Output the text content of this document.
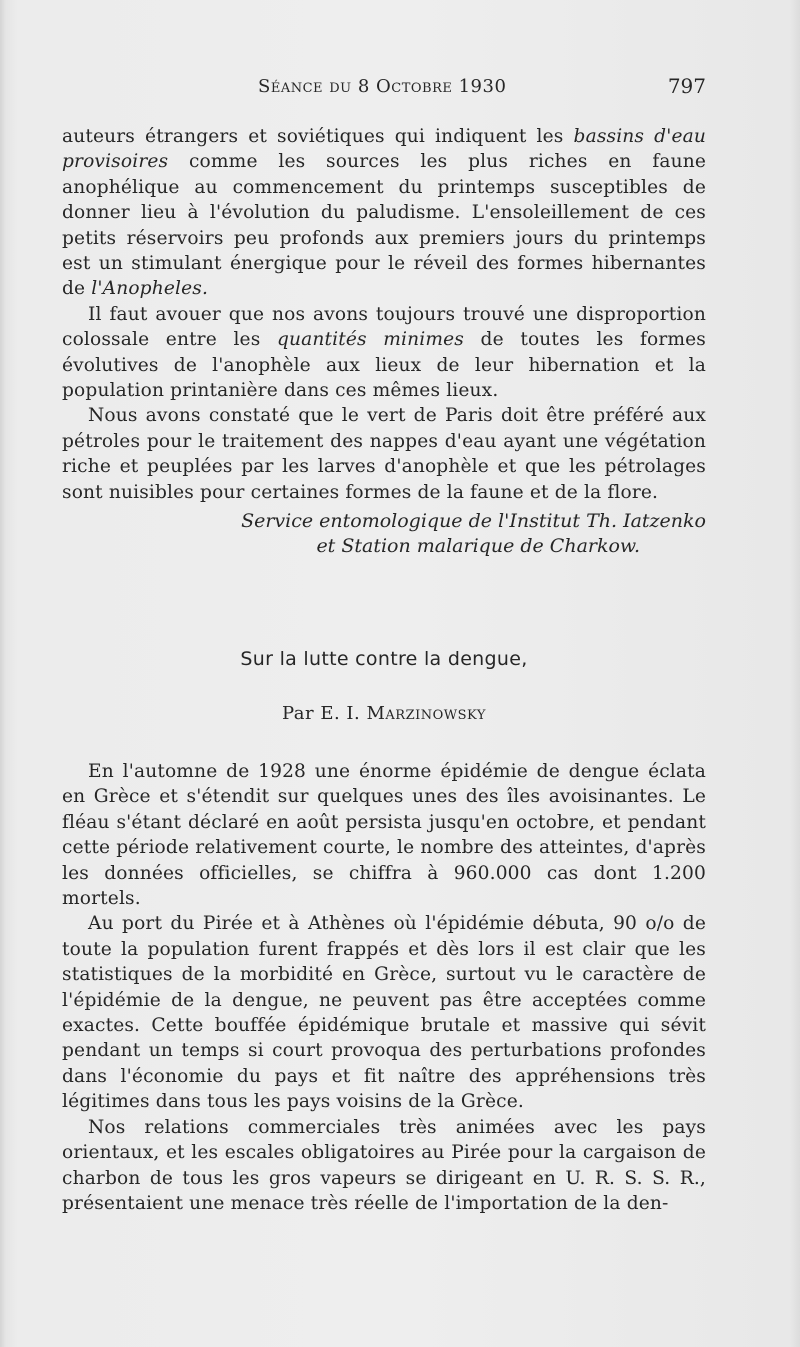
Séance du 8 Octobre 1930	797

auteurs étrangers et soviétiques qui indiquent les bassins d'eau provisoires comme les sources les plus riches en faune anophélique au commencement du printemps susceptibles de donner lieu à l'évolution du paludisme. L'ensoleillement de ces petits réservoirs peu profonds aux premiers jours du printemps est un stimulant énergique pour le réveil des formes hibernantes de l'Anopheles.

Il faut avouer que nos avons toujours trouvé une disproportion colossale entre les quantités minimes de toutes les formes évolutives de l'anophèle aux lieux de leur hibernation et la population printanière dans ces mêmes lieux.

Nous avons constaté que le vert de Paris doit être préféré aux pétroles pour le traitement des nappes d'eau ayant une végétation riche et peuplées par les larves d'anophèle et que les pétrolages sont nuisibles pour certaines formes de la faune et de la flore.

Service entomologique de l'Institut Th. Iatzenko
et Station malarique de Charkow.
Sur la lutte contre la dengue,
Par E. I. Marzinowsky

En l'automne de 1928 une énorme épidémie de dengue éclata en Grèce et s'étendit sur quelques unes des îles avoisinantes. Le fléau s'étant déclaré en août persista jusqu'en octobre, et pendant cette période relativement courte, le nombre des atteintes, d'après les données officielles, se chiffra à 960.000 cas dont 1.200 mortels.

Au port du Pirée et à Athènes où l'épidémie débuta, 90 o/o de toute la population furent frappés et dès lors il est clair que les statistiques de la morbidité en Grèce, surtout vu le caractère de l'épidémie de la dengue, ne peuvent pas être acceptées comme exactes. Cette bouffée épidémique brutale et massive qui sévit pendant un temps si court provoqua des perturbations profondes dans l'économie du pays et fit naître des appréhensions très légitimes dans tous les pays voisins de la Grèce.

Nos relations commerciales très animées avec les pays orientaux, et les escales obligatoires au Pirée pour la cargaison de charbon de tous les gros vapeurs se dirigeant en U. R. S. S. R., présentaient une menace très réelle de l'importation de la den-
